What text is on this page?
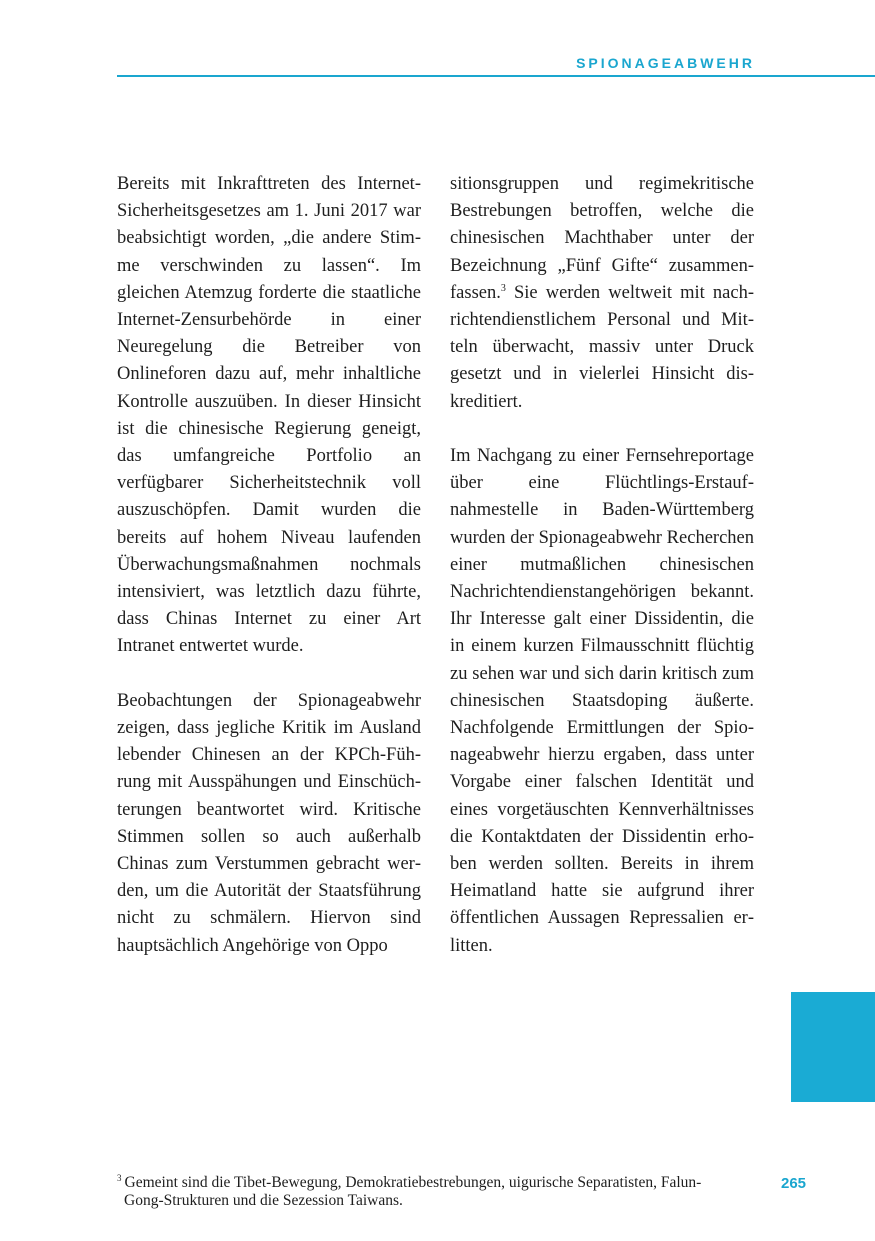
SPIONAGEABWEHR

Bereits mit Inkrafttreten des Internet-Sicherheitsgesetzes am 1. Juni 2017 war beabsichtigt worden, „die andere Stimme verschwinden zu lassen“. Im gleichen Atemzug forderte die staatliche Internet-Zensurbehörde in einer Neuregelung die Betreiber von Onlineforen dazu auf, mehr inhaltliche Kontrolle auszuüben. In dieser Hinsicht ist die chinesische Regierung geneigt, das umfangreiche Portfolio an verfügbarer Sicherheitstechnik voll auszuschöpfen. Damit wurden die bereits auf hohem Niveau laufenden Überwachungsmaßnahmen nochmals intensiviert, was letztlich dazu führte, dass Chinas Internet zu einer Art Intranet entwertet wurde.

Beobachtungen der Spionageabwehr zeigen, dass jegliche Kritik im Ausland lebender Chinesen an der KPCh-Führung mit Ausspähungen und Einschüchterungen beantwortet wird. Kritische Stimmen sollen so auch außerhalb Chinas zum Verstummen gebracht werden, um die Autorität der Staatsführung nicht zu schmälern. Hiervon sind hauptsächlich Angehörige von Oppo

sitionsgruppen und regimekritische Bestrebungen betroffen, welche die chinesischen Machthaber unter der Bezeichnung „Fünf Gifte“ zusammenfassen.$^3$ Sie werden weltweit mit nachrichtendienstlichem Personal und Mitteln überwacht, massiv unter Druck gesetzt und in vielerlei Hinsicht diskreditiert.

Im Nachgang zu einer Fernsehreportage über eine Flüchtlings-Erstaufnahmestelle in Baden-Württemberg wurden der Spionageabwehr Recherchen einer mutmaßlichen chinesischen Nachrichtendienstangehörigen bekannt. Ihr Interesse galt einer Dissidentin, die in einem kurzen Filmausschnitt flüchtig zu sehen war und sich darin kritisch zum chinesischen Staatsdoping äußerte. Nachfolgende Ermittlungen der Spionageabwehr hierzu ergaben, dass unter Vorgabe einer falschen Identität und eines vorgetäuschten Kennverhältnisses die Kontaktdaten der Dissidentin erhoben werden sollten. Bereits in ihrem Heimatland hatte sie aufgrund ihrer öffentlichen Aussagen Repressalien erlitten.

$^3$ Gemeint sind die Tibet-Bewegung, Demokratiebestrebungen, uigurische Separatisten, Falun-
Gong-Strukturen und die Sezession Taiwans.
265
